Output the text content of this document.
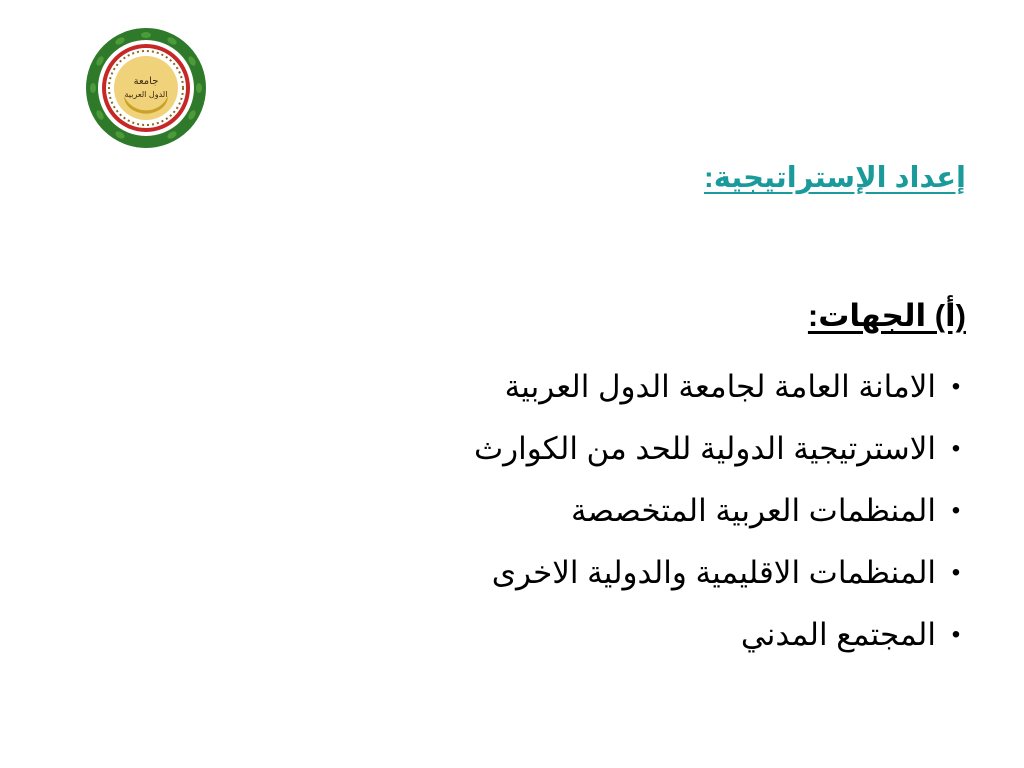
جامعة
الدول العربية
إعداد الإستراتيجية:
(أ) الجهات:
•
الامانة العامة لجامعة الدول العربية
•
الاسترتيجية الدولية للحد من الكوارث
•
المنظمات العربية المتخصصة
•
المنظمات الاقليمية والدولية الاخرى
•
المجتمع المدني
